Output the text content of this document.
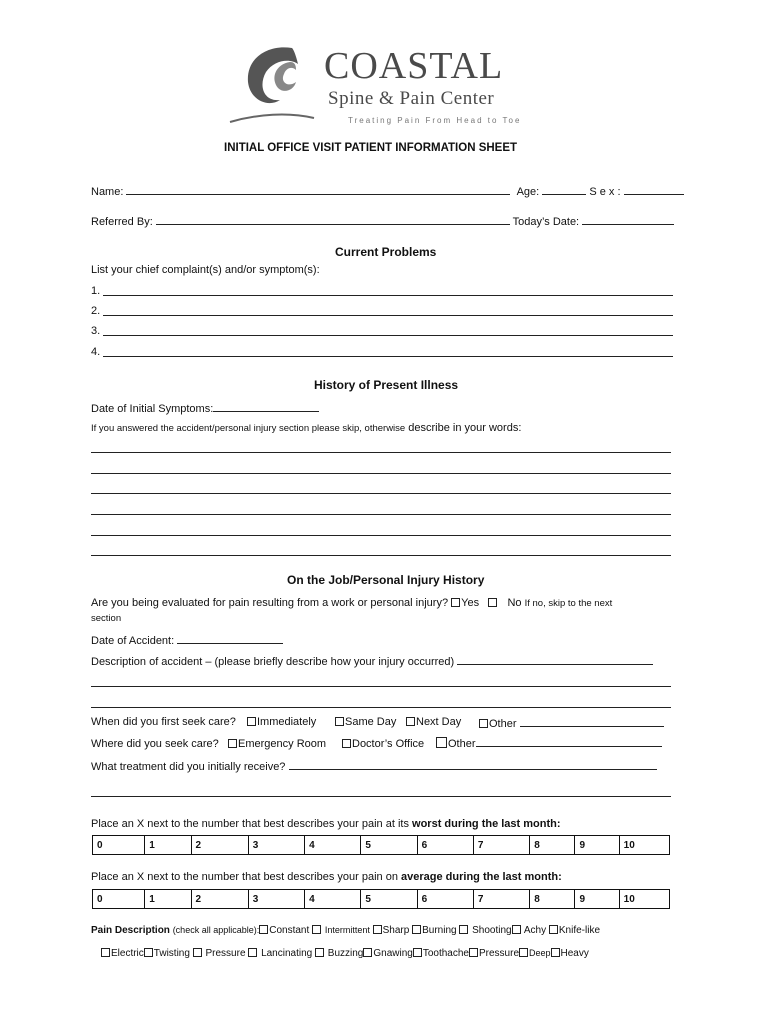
COASTAL
Spine & Pain Center
Treating Pain From Head to Toe
INITIAL OFFICE VISIT PATIENT INFORMATION SHEET
Name:	Age:	S e x :
Referred By:	Today’s Date:
Current Problems
List your chief complaint(s) and/or symptom(s):
1.
2.
3.
4.
History of Present Illness
Date of Initial Symptoms:
If you answered the accident/personal injury section please skip, otherwise describe in your words:
On the Job/Personal Injury History
Are you being evaluated for pain resulting from a work or personal injury? Yes	No If no, skip to the next
section
Date of Accident:
Description of accident – (please briefly describe how your injury occurred)
When did you first seek care?	Immediately	Same Day	Next Day	Other
Where did you seek care?	Emergency Room	Doctor’s Office	Other
What treatment did you initially receive?
Place an X next to the number that best describes your pain at its worst during the last month:
0	1	2	3	4	5	6	7	8	9	10
Place an X next to the number that best describes your pain on average during the last month:
0	1	2	3	4	5	6	7	8	9	10
Pain Description (check all applicable): Constant Intermittent Sharp Burning Shooting Achy Knife-like
Electric Twisting Pressure Lancinating Buzzing Gnawing Toothache Pressure Deep Heavy
